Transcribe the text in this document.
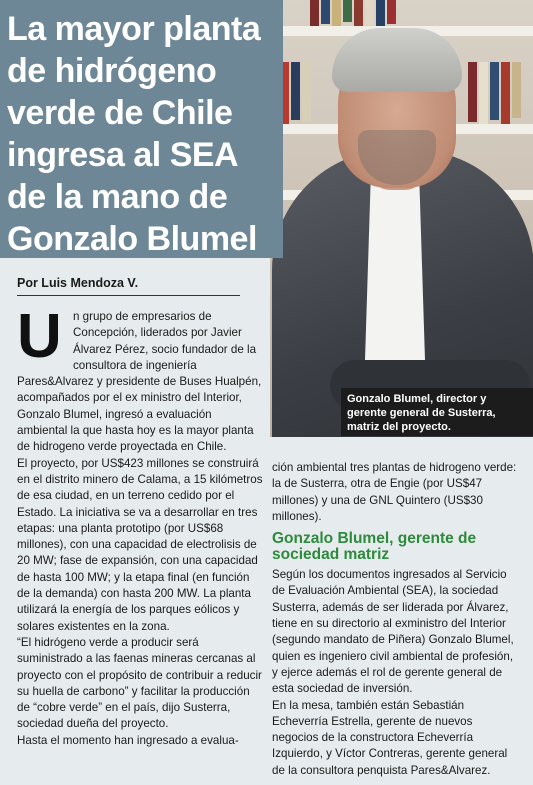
Gonzalo Blumel, director y gerente general de Susterra, matriz del proyecto.
La mayor planta de hidrógeno verde de Chile ingresa al SEA de la mano de Gonzalo Blumel
Por Luis Mendoza V.
U n grupo de empresarios de Concepción, liderados por Javier Álvarez Pérez, socio fundador de la consultora de ingeniería Pares&Alvarez y presidente de Buses Hualpén, acompañados por el ex ministro del Interior, Gonzalo Blumel, ingresó a evaluación ambiental la que hasta hoy es la mayor planta de hidrogeno verde proyectada en Chile.

El proyecto, por US$423 millones se construirá en el distrito minero de Calama, a 15 kilómetros de esa ciudad, en un terreno cedido por el Estado. La iniciativa se va a desarrollar en tres etapas: una planta prototipo (por US$68 millones), con una capacidad de electrolisis de 20 MW; fase de expansión, con una capacidad de hasta 100 MW; y la etapa final (en función de la demanda) con hasta 200 MW. La planta utilizará la energía de los parques eólicos y solares existentes en la zona.

“El hidrógeno verde a producir será suministrado a las faenas mineras cercanas al proyecto con el propósito de contribuir a reducir su huella de carbono” y facilitar la producción de “cobre verde” en el país, dijo Susterra, sociedad dueña del proyecto.

Hasta el momento han ingresado a evalua-

ción ambiental tres plantas de hidrogeno verde: la de Susterra, otra de Engie (por US$47 millones) y una de GNL Quintero (US$30 millones).

Gonzalo Blumel, gerente de sociedad matriz

Según los documentos ingresados al Servicio de Evaluación Ambiental (SEA), la sociedad Susterra, además de ser liderada por Álvarez, tiene en su directorio al exministro del Interior (segundo mandato de Piñera) Gonzalo Blumel, quien es ingeniero civil ambiental de profesión, y ejerce además el rol de gerente general de esta sociedad de inversión.

En la mesa, también están Sebastián Echeverría Estrella, gerente de nuevos negocios de la constructora Echeverría Izquierdo, y Víctor Contreras, gerente general de la consultora penquista Pares&Alvarez.
